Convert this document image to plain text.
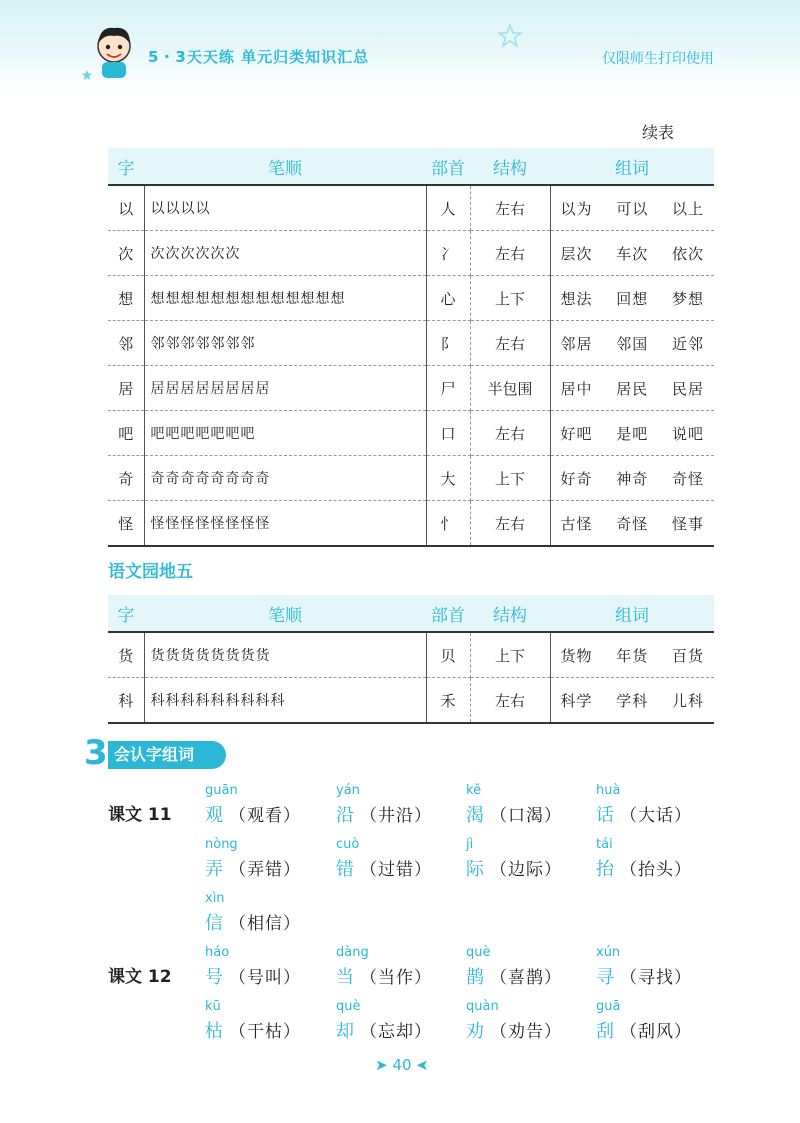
5・3天天练 单元归类知识汇总	仅限师生打印使用
续表
字	笔顺	部首	结构	组词
以	以以以以	人	左右	以为 可以 以上
次	次次次次次次	冫	左右	层次 车次 依次
想	想想想想想想想想想想想想想	心	上下	想法 回想 梦想
邻	邻邻邻邻邻邻邻	阝	左右	邻居 邻国 近邻
居	居居居居居居居居	尸	半包围	居中 居民 民居
吧	吧吧吧吧吧吧吧	口	左右	好吧 是吧 说吧
奇	奇奇奇奇奇奇奇奇	大	上下	好奇 神奇 奇怪
怪	怪怪怪怪怪怪怪怪	忄	左右	古怪 奇怪 怪事
语文园地五
字	笔顺	部首	结构	组词
货	货货货货货货货货	贝	上下	货物 年货 百货
科	科科科科科科科科科	禾	左右	科学 学科 儿科
会认字组词
3
课文 11
guān
观 （观看）
yán
沿 （井沿）
kě
渴 （口渴）
huà
话 （大话）
nòng
弄 （弄错）
cuò
错 （过错）
jì
际 （边际）
tái
抬 （抬头）
xìn
信 （相信）
课文 12
háo
号 （号叫）
dàng
当 （当作）
què
鹊 （喜鹊）
xún
寻 （寻找）
kū
枯 （干枯）
què
却 （忘却）
quàn
劝 （劝告）
guā
刮 （刮风）
➤ 40 ➤
